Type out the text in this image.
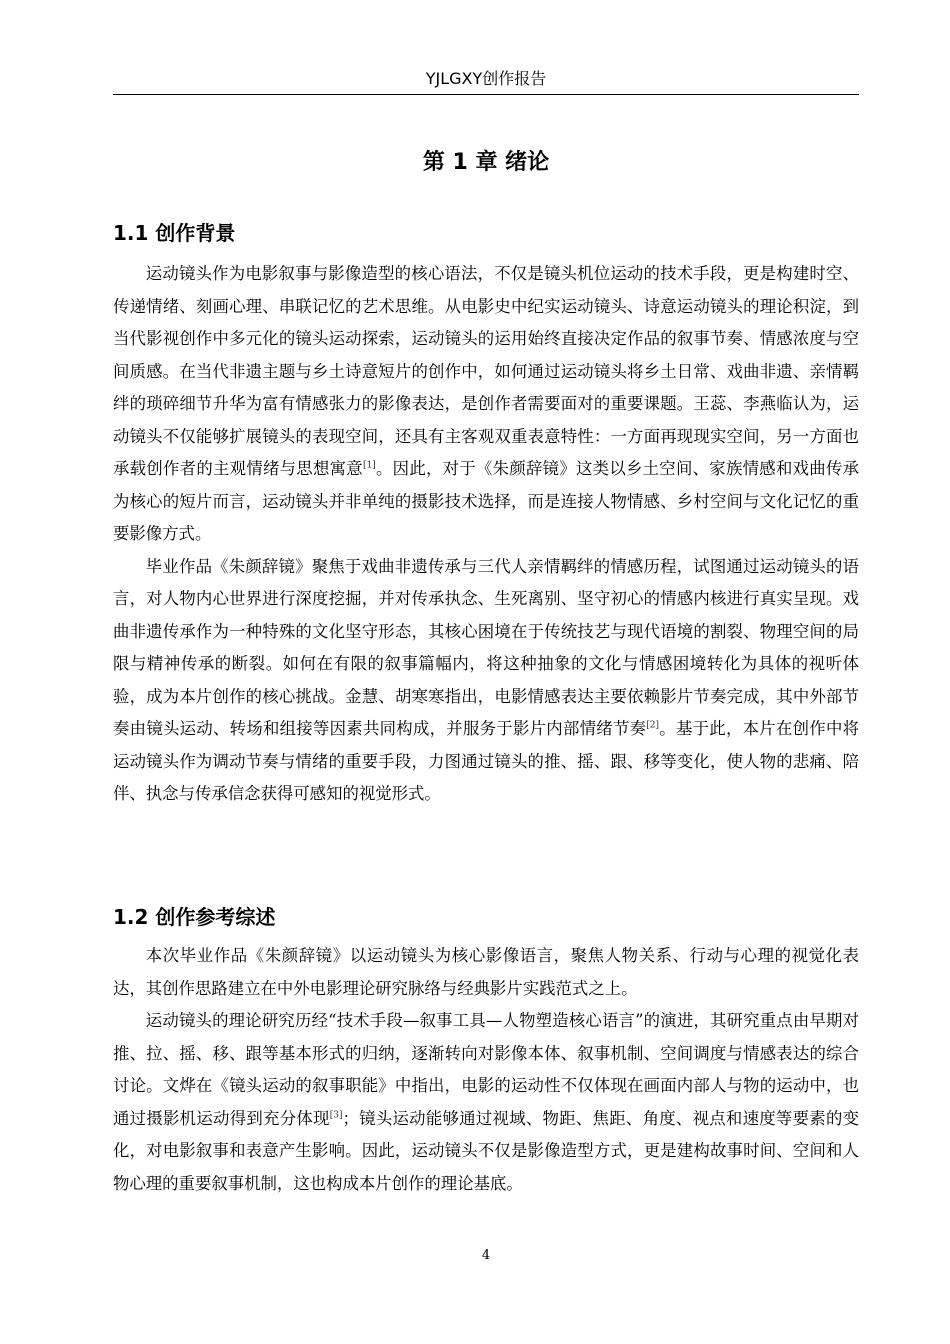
YJLGXY创作报告
第 1 章 绪论
1.1 创作背景

运动镜头作为电影叙事与影像造型的核心语法，不仅是镜头机位运动的技术手段，更是构建时空、传递情绪、刻画心理、串联记忆的艺术思维。从电影史中纪实运动镜头、诗意运动镜头的理论积淀，到当代影视创作中多元化的镜头运动探索，运动镜头的运用始终直接决定作品的叙事节奏、情感浓度与空间质感。在当代非遗主题与乡土诗意短片的创作中，如何通过运动镜头将乡土日常、戏曲非遗、亲情羁绊的琐碎细节升华为富有情感张力的影像表达，是创作者需要面对的重要课题。王蕊、李燕临认为，运动镜头不仅能够扩展镜头的表现空间，还具有主客观双重表意特性：一方面再现现实空间，另一方面也承载创作者的主观情绪与思想寓意[1]。因此，对于《朱颜辞镜》这类以乡土空间、家族情感和戏曲传承为核心的短片而言，运动镜头并非单纯的摄影技术选择，而是连接人物情感、乡村空间与文化记忆的重要影像方式。

毕业作品《朱颜辞镜》聚焦于戏曲非遗传承与三代人亲情羁绊的情感历程，试图通过运动镜头的语言，对人物内心世界进行深度挖掘，并对传承执念、生死离别、坚守初心的情感内核进行真实呈现。戏曲非遗传承作为一种特殊的文化坚守形态，其核心困境在于传统技艺与现代语境的割裂、物理空间的局限与精神传承的断裂。如何在有限的叙事篇幅内，将这种抽象的文化与情感困境转化为具体的视听体验，成为本片创作的核心挑战。金慧、胡寒寒指出，电影情感表达主要依赖影片节奏完成，其中外部节奏由镜头运动、转场和组接等因素共同构成，并服务于影片内部情绪节奏[2]。基于此，本片在创作中将运动镜头作为调动节奏与情绪的重要手段，力图通过镜头的推、摇、跟、移等变化，使人物的悲痛、陪伴、执念与传承信念获得可感知的视觉形式。

1.2 创作参考综述

本次毕业作品《朱颜辞镜》以运动镜头为核心影像语言，聚焦人物关系、行动与心理的视觉化表达，其创作思路建立在中外电影理论研究脉络与经典影片实践范式之上。

运动镜头的理论研究历经“技术手段—叙事工具—人物塑造核心语言”的演进，其研究重点由早期对推、拉、摇、移、跟等基本形式的归纳，逐渐转向对影像本体、叙事机制、空间调度与情感表达的综合讨论。文烨在《镜头运动的叙事职能》中指出，电影的运动性不仅体现在画面内部人与物的运动中，也通过摄影机运动得到充分体现[3]；镜头运动能够通过视域、物距、焦距、角度、视点和速度等要素的变化，对电影叙事和表意产生影响。因此，运动镜头不仅是影像造型方式，更是建构故事时间、空间和人物心理的重要叙事机制，这也构成本片创作的理论基底。

4
